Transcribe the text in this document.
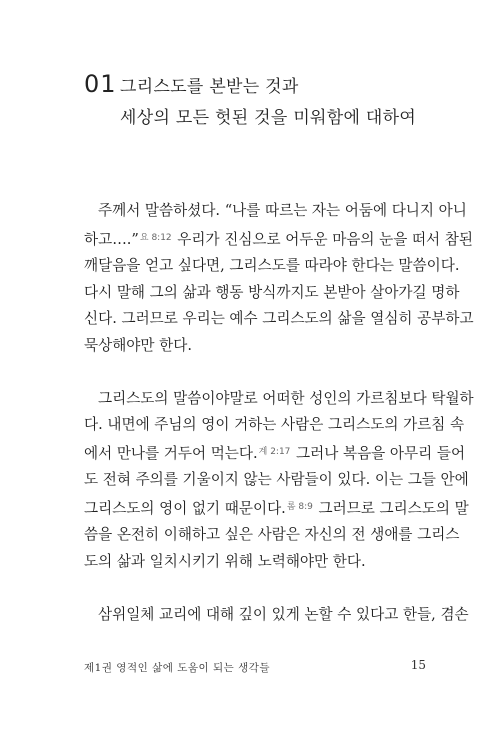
01 그리스도를 본받는 것과
세상의 모든 헛된 것을 미워함에 대하여
주께서 말씀하셨다. “나를 따르는 자는 어둠에 다니지 아니
하고….”$^{요 8:12}$ 우리가 진심으로 어두운 마음의 눈을 떠서 참된
깨달음을 얻고 싶다면, 그리스도를 따라야 한다는 말씀이다.
다시 말해 그의 삶과 행동 방식까지도 본받아 살아가길 명하
신다. 그러므로 우리는 예수 그리스도의 삶을 열심히 공부하고
묵상해야만 한다.
그리스도의 말씀이야말로 어떠한 성인의 가르침보다 탁월하
다. 내면에 주님의 영이 거하는 사람은 그리스도의 가르침 속
에서 만나를 거두어 먹는다.$^{계 2:17}$ 그러나 복음을 아무리 들어
도 전혀 주의를 기울이지 않는 사람들이 있다. 이는 그들 안에
그리스도의 영이 없기 때문이다.$^{롬 8:9}$ 그러므로 그리스도의 말
씀을 온전히 이해하고 싶은 사람은 자신의 전 생애를 그리스
도의 삶과 일치시키기 위해 노력해야만 한다.
삼위일체 교리에 대해 깊이 있게 논할 수 있다고 한들, 겸손
제1권 영적인 삶에 도움이 되는 생각들	15
